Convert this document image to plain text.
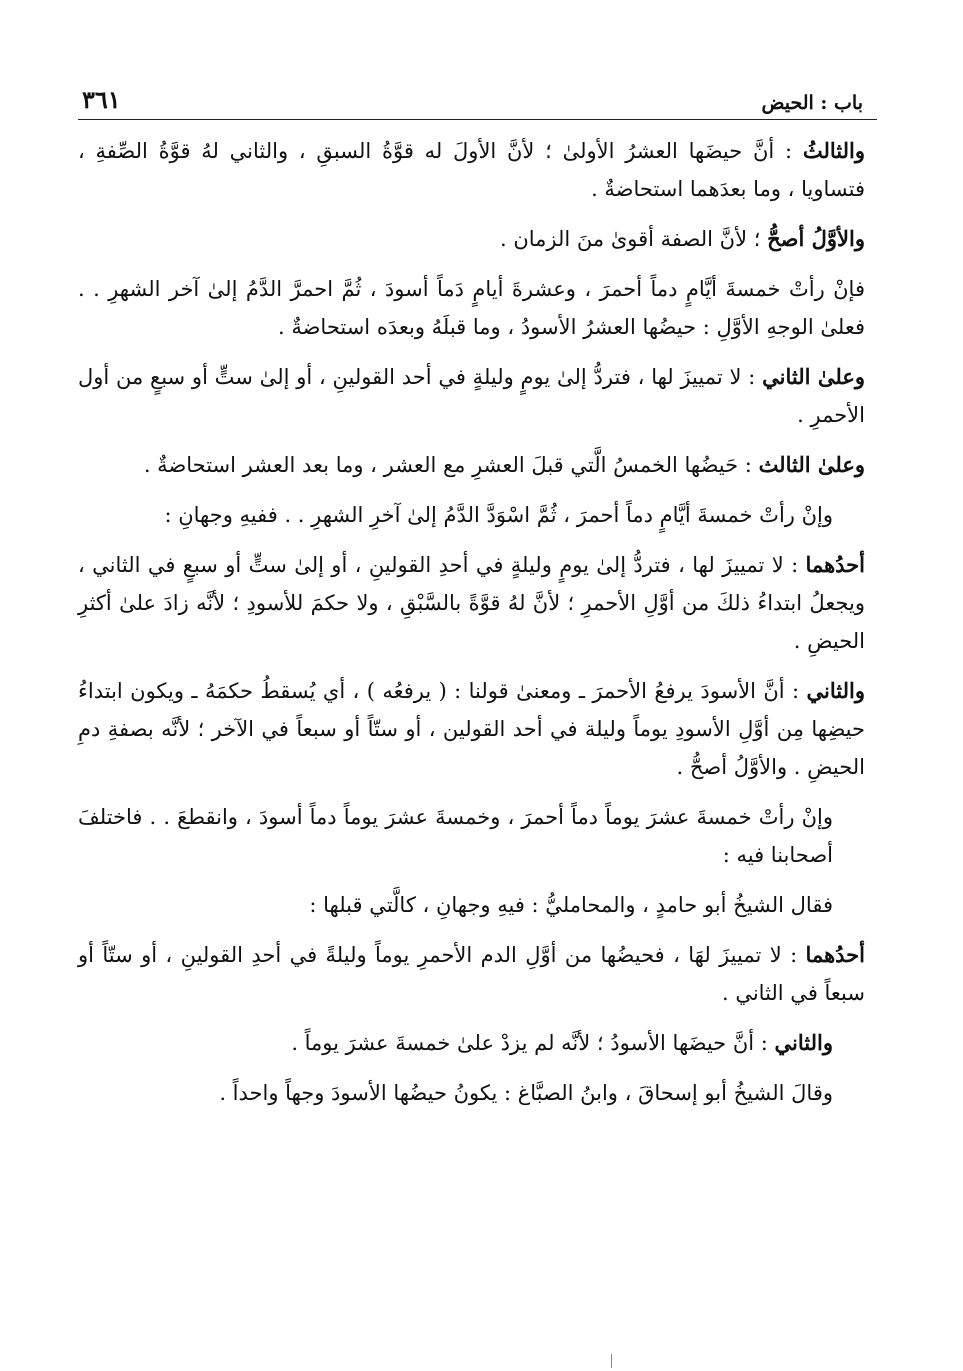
باب : الحيض
٣٦١

والثالثُ : أنَّ حيضَها العشرُ الأولىٰ ؛ لأنَّ الأولَ له قوَّةُ السبقِ ، والثاني لهُ قوَّةُ الصِّفةِ ، فتساويا ، وما بعدَهما استحاضةٌ .

والأوَّلُ أصحُّ ؛ لأنَّ الصفة أقوىٰ منَ الزمان .

فإنْ رأتْ خمسةَ أيَّامٍ دماً أحمرَ ، وعشرةَ أيامٍ دَماً أسودَ ، ثُمَّ احمرَّ الدَّمُ إلىٰ آخر الشهرِ . . فعلىٰ الوجهِ الأوَّلِ : حيضُها العشرُ الأسودُ ، وما قبلَهُ وبعدَه استحاضةٌ .

وعلىٰ الثاني : لا تمييزَ لها ، فتردُّ إلىٰ يومٍ وليلةٍ في أحد القولينِ ، أو إلىٰ ستٍّ أو سبعٍ من أول الأحمرِ .

وعلىٰ الثالث : حَيضُها الخمسُ الَّتي قبلَ العشرِ مع العشر ، وما بعد العشر استحاضةٌ .

وإنْ رأتْ خمسةَ أيَّامٍ دماً أحمرَ ، ثُمَّ اسْوَدَّ الدَّمُ إلىٰ آخرِ الشهرِ . . ففيهِ وجهانِ :

أحدُهما : لا تمييزَ لها ، فتردُّ إلىٰ يومٍ وليلةٍ في أحدِ القولينِ ، أو إلىٰ ستٍّ أو سبعٍ في الثاني ، ويجعلُ ابتداءُ ذلكَ من أوَّلِ الأحمرِ ؛ لأنَّ لهُ قوَّةً بالسَّبْقِ ، ولا حكمَ للأسودِ ؛ لأنَّه زادَ علىٰ أكثرِ الحيضِ .

والثاني : أنَّ الأسودَ يرفعُ الأحمرَ ـ ومعنىٰ قولنا : ( يرفعُه ) ، أي يُسقطُ حكمَهُ ـ ويكون ابتداءُ حيضِها مِن أوَّلِ الأسودِ يوماً وليلة في أحد القولين ، أو ستّاً أو سبعاً في الآخر ؛ لأنَّه بصفةِ دمِ الحيضِ . والأوَّلُ أصحُّ .

وإنْ رأتْ خمسةَ عشرَ يوماً دماً أحمرَ ، وخمسةَ عشرَ يوماً دماً أسودَ ، وانقطعَ . . فاختلفَ أصحابنا فيه :

فقال الشيخُ أبو حامدٍ ، والمحامليُّ : فيهِ وجهانِ ، كالَّتي قبلها :

أحدُهما : لا تمييزَ لهَا ، فحيضُها من أوَّلِ الدم الأحمرِ يوماً وليلةً في أحدِ القولينِ ، أو ستّاً أو سبعاً في الثاني .

والثاني : أنَّ حيضَها الأسودُ ؛ لأنَّه لم يزدْ علىٰ خمسةَ عشرَ يوماً .

وقالَ الشيخُ أبو إسحاقَ ، وابنُ الصبَّاغ : يكونُ حيضُها الأسودَ وجهاً واحداً .
